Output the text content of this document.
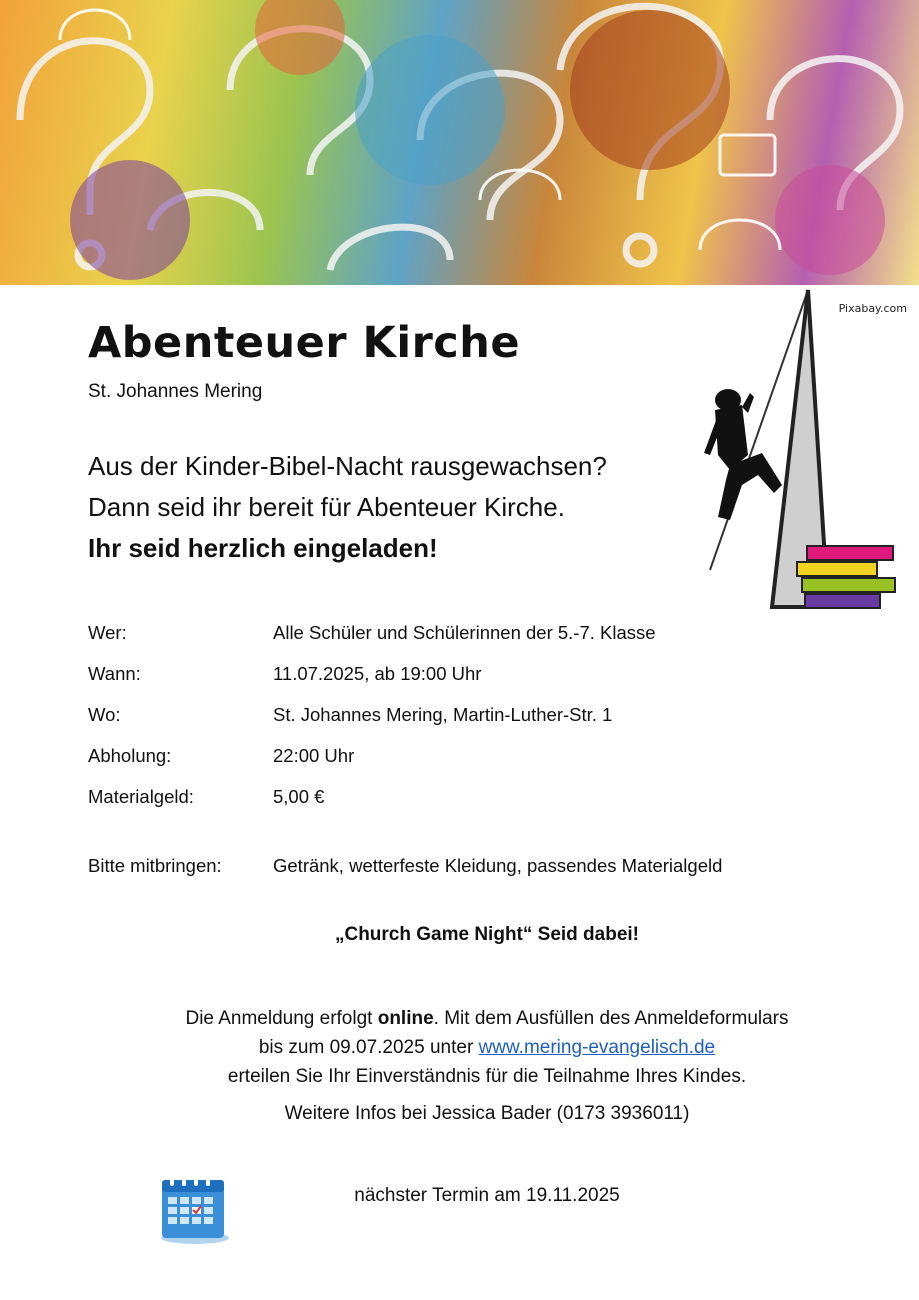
Pixabay.com
Abenteuer Kirche
St. Johannes Mering
Aus der Kinder-Bibel-Nacht rausgewachsen?
Dann seid ihr bereit für Abenteuer Kirche.
Ihr seid herzlich eingeladen!
Wer:	Alle Schüler und Schülerinnen der 5.-7. Klasse
Wann:	11.07.2025, ab 19:00 Uhr
Wo:	St. Johannes Mering, Martin-Luther-Str. 1
Abholung:	22:00 Uhr
Materialgeld:	5,00 €
Bitte mitbringen:	Getränk, wetterfeste Kleidung, passendes Materialgeld
„Church Game Night“ Seid dabei!
Die Anmeldung erfolgt online. Mit dem Ausfüllen des Anmeldeformulars
bis zum 09.07.2025 unter www.mering-evangelisch.de
erteilen Sie Ihr Einverständnis für die Teilnahme Ihres Kindes.
Weitere Infos bei Jessica Bader (0173 3936011)
nächster Termin am 19.11.2025
